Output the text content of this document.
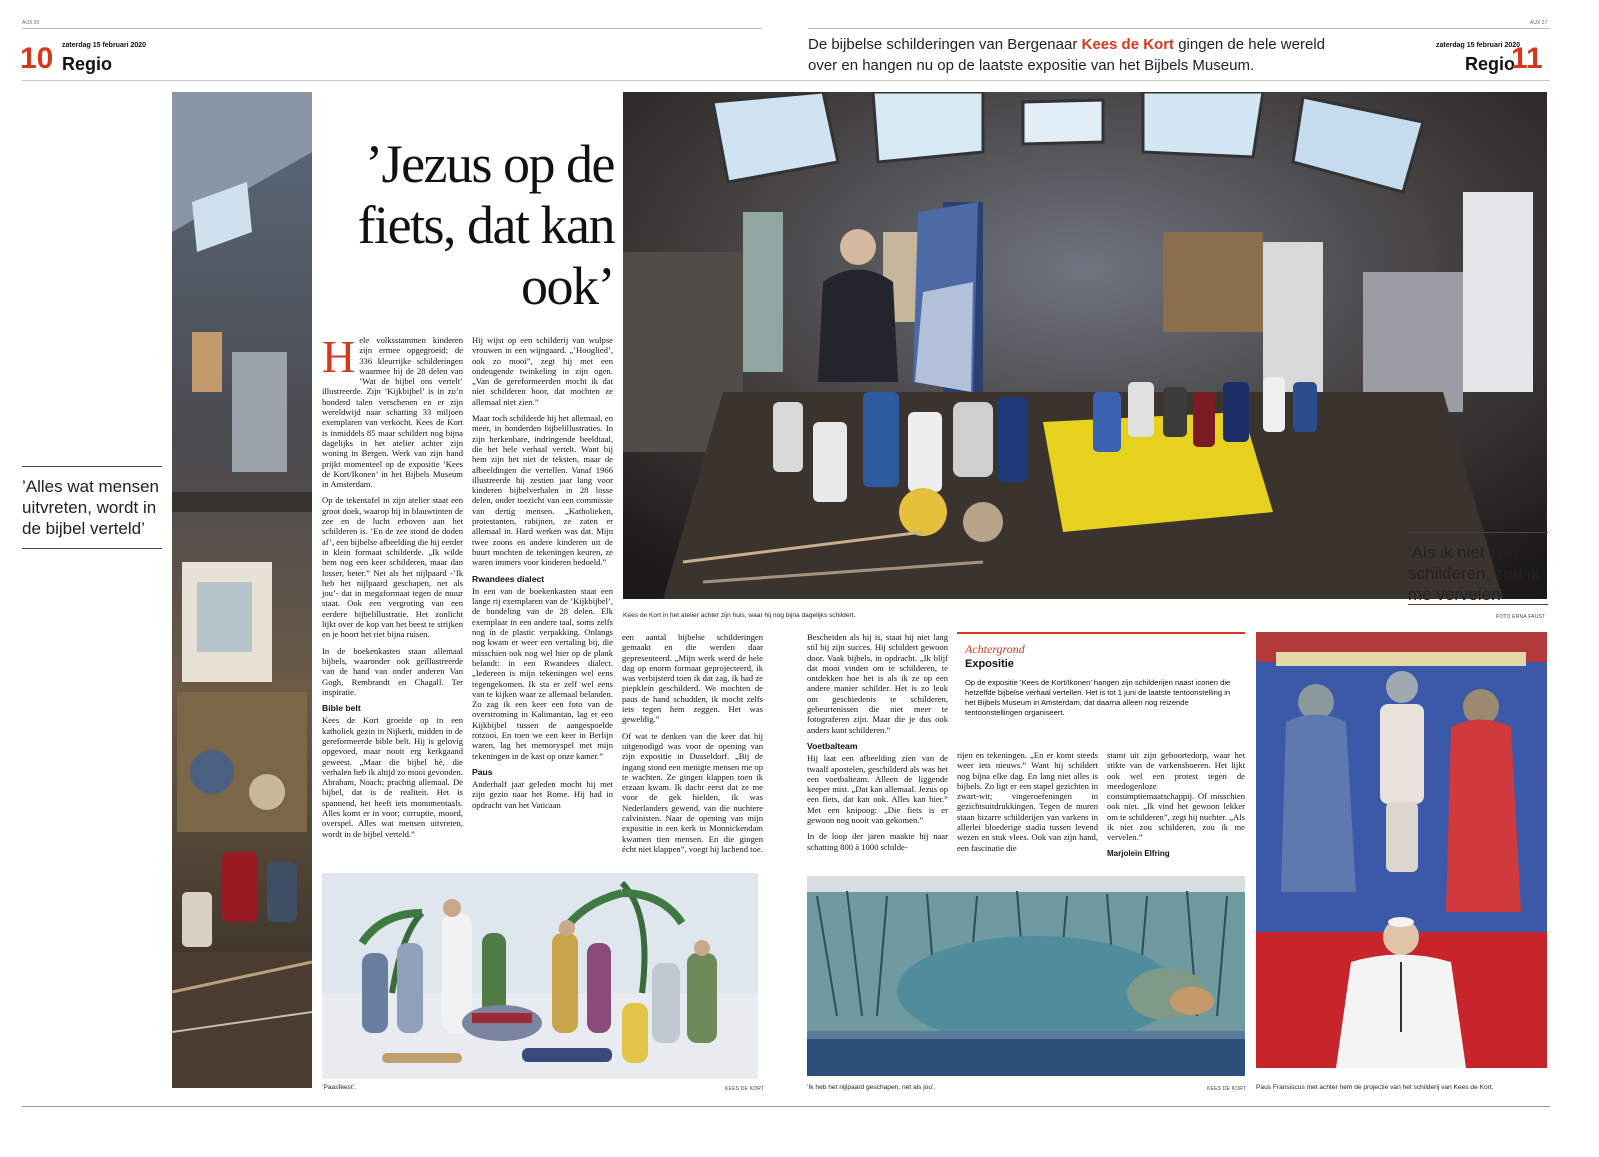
AUX 20
10 zaterdag 15 februari 2020
Regio
AUX 27
De bijbelse schilderingen van Bergenaar Kees de Kort gingen de hele wereld over en hangen nu op de laatste expositie van het Bijbels Museum.
zaterdag 15 februari 2020
Regio
11
’Alles wat mensen uitvreten, wordt in de bijbel verteld’
’Jezus op de fiets, dat kan ook’
Kees de Kort in het atelier achter zijn huis, waar hij nog bijna dagelijks schildert.	FOTO ERNA FAUST
’Als ik niet zou schilderen, zou ik me vervelen’

Hele volksstammen kinderen zijn ermee opgegroeid; de 336 kleurrijke schilderingen waarmee hij de 28 delen van ’Wat de bijbel ons vertelt’ illustreerde. Zijn ’Kijkbijbel’ is in zo’n honderd talen verschenen en er zijn wereldwijd naar schatting 33 miljoen exemplaren van verkocht. Kees de Kort is inmiddels 85 maar schildert nog bijna dagelijks in het atelier achter zijn woning in Bergen. Werk van zijn hand prijkt momenteel op de expositie ’Kees de Kort/Ikonen’ in het Bijbels Museum in Amsterdam.

Op de tekentafel in zijn atelier staat een groot doek, waarop hij in blauwtinten de zee en de lucht erboven aan het schilderen is. ’En de zee stond de doden af’, een bijbelse afbeelding die hij eerder in klein formaat schilderde. „Ik wilde hem nog een keer schilderen, maar dan losser, beter.” Net als het nijlpaard -’Ik heb het nijlpaard geschapen, net als jou’- dat in megaformaat tegen de muur staat. Ook een vergroting van een eerdere bijbelillustratie. Het zonlicht lijkt over de kop van het beest te strijken en je hoort het riet bijna ruisen.

In de boekenkasten staan allemaal bijbels, waaronder ook geïllustreerde van de hand van onder anderen Van Gogh, Rembrandt en Chagall. Ter inspiratie.

Bible belt

Kees de Kort groeide op in een katholiek gezin in Nijkerk, midden in de gereformeerde bible belt. Hij is gelovig opgevoed, maar nooit erg kerkgaand geweest. „Maar die bijbel hè, die verhalen heb ik altijd zo mooi gevonden. Abraham, Noach; prachtig allemaal. De bijbel, dat is de realiteit. Het is spannend, het heeft iets monumentaals. Alles komt er in voor; corruptie, moord, overspel. Alles wat mensen uitvreten, wordt in de bijbel verteld.”

Hij wijst op een schilderij van wulpse vrouwen in een wijngaard. „’Hooglied’, ook zo mooi”, zegt hij met een ondeugende twinkeling in zijn ogen. „Van de gereformeerden mocht ik dat niet schilderen hoor, dat mochten ze allemaal niet zien.”

Maar toch schilderde hij het allemaal, en meer, in honderden bijbelillustraties. In zijn herkenbare, indringende beeldtaal, die het hele verhaal vertelt. Want bij hem zijn het niet de teksten, maar de afbeeldingen die vertellen. Vanaf 1966 illustreerde hij zestien jaar lang voor kinderen bijbelverhalen in 28 losse delen, onder toezicht van een commissie van dertig mensen. „Katholieken, protestanten, rabijnen, ze zaten er allemaal in. Hard werken was dat. Mijn twee zoons en andere kinderen uit de buurt mochten de tekeningen keuren, ze waren immers voor kinderen bedoeld.”

Rwandees dialect

In een van de boekenkasten staat een lange rij exemplaren van de ’Kijkbijbel’, de bundeling van de 28 delen. Elk exemplaar in een andere taal, soms zelfs nog in de plastic verpakking. Onlangs nog kwam er weer een vertaling bij, die misschien ook nog wel hier op de plank belandt: in een Rwandees dialect. „Iedereen is mijn tekeningen wel eens tegengekomen. Ik sta er zelf wel eens van te kijken waar ze allemaal belanden. Zo zag ik een keer een foto van de overstroming in Kalimantan, lag er een Kijkbijbel tussen de aangespoelde rotzooi. En toen we een keer in Berlijn waren, lag het memoryspel met mijn tekeningen in de kast op onze kamer.”

Paus

Anderhalf jaar geleden mocht hij met zijn gezin naar het Rome. Hij had in opdracht van het Vaticaan

een aantal bijbelse schilderingen gemaakt en die werden daar gepresenteerd. „Mijn werk werd de hele dag op enorm formaat geprojecteerd, ik was verbijsterd toen ik dat zag, ik had ze piepklein geschilderd. We mochten de paus de hand schudden, ik mocht zelfs iets tegen hem zeggen. Het was geweldig.”

Of wat te denken van die keer dat hij uitgenodigd was voor de opening van zijn expositie in Dusseldorf. „Bij de ingang stond een menigte mensen me op te wachten. Ze gingen klappen toen ik erzaan kwam. Ik dacht eerst dat ze me voor de gek hielden, ik was Nederlanders gewend, van die nuchtere calvinisten. Naar de opening van mijn expositie in een kerk in Monnickendam kwamen tien mensen. En die gingen écht niet klappen”, voegt hij lachend toe.

Bescheiden als hij is, staat hij niet lang stil bij zijn succes. Hij schildert gewoon door. Vaak bijbels, in opdracht. „Ik blijf dat mooi vinden om te schilderen, te ontdekken hoe het is als ik ze op een andere manier schilder. Het is zo leuk om geschiedenis te schilderen, gebeurtenissen die niet meer te fotograferen zijn. Maar die je dus ook anders kunt schilderen.”

Voetbalteam

Hij laat een afbeelding zien van de twaalf apostelen, geschilderd als was het een voetbalteam. Alleen de liggende keeper mist. „Dat kan allemaal. Jezus op een fiets, dat kan ook. Alles kan hier.” Met een knipoog: „Die fiets is er gewoon nog nooit van gekomen.”

In de loop der jaren maakte hij naar schatting 800 à 1000 schilde-

rijen en tekeningen. „En er komt steeds weer iets nieuws.” Want hij schildert nog bijna elke dag. En lang niet alles is bijbels. Zo ligt er een stapel gezichten in zwart-wit; vingeroefeningen in gezichtsuitdrukkingen. Tegen de muren staan bizarre schilderijen van varkens in allerlei bloederige stadia tussen levend wezen en stuk vlees. Ook van zijn hand, een fascinatie die

stamt uit zijn geboortedorp, waar het stikte van de varkensboeren. Het lijkt ook wel een protest tegen de meedogenloze consumptiemaatschappij. Of misschien ook niet. „Ik vind het gewoon lekker om te schilderen”, zegt hij nuchter. „Als ik niet zou schilderen, zou ik me vervelen.”

Marjolein Elfring

Achtergrond
Expositie
Op de expositie ’Kees de Kort/Ikonen’ hangen zijn schilderijen naast iconen die hetzelfde bijbelse verhaal vertellen. Het is tot 1 juni de laatste tentoonstelling in het Bijbels Museum in Amsterdam, dat daarna alleen nog reizende tentoonstellingen organiseert.
’Paasfeest’.	KEES DE KORT	’Ik heb het nijlpaard geschapen, net als jou’.	KEES DE KORT Paus Fransiscus met achter hem de projectie van het schilderij van Kees de Kort.
